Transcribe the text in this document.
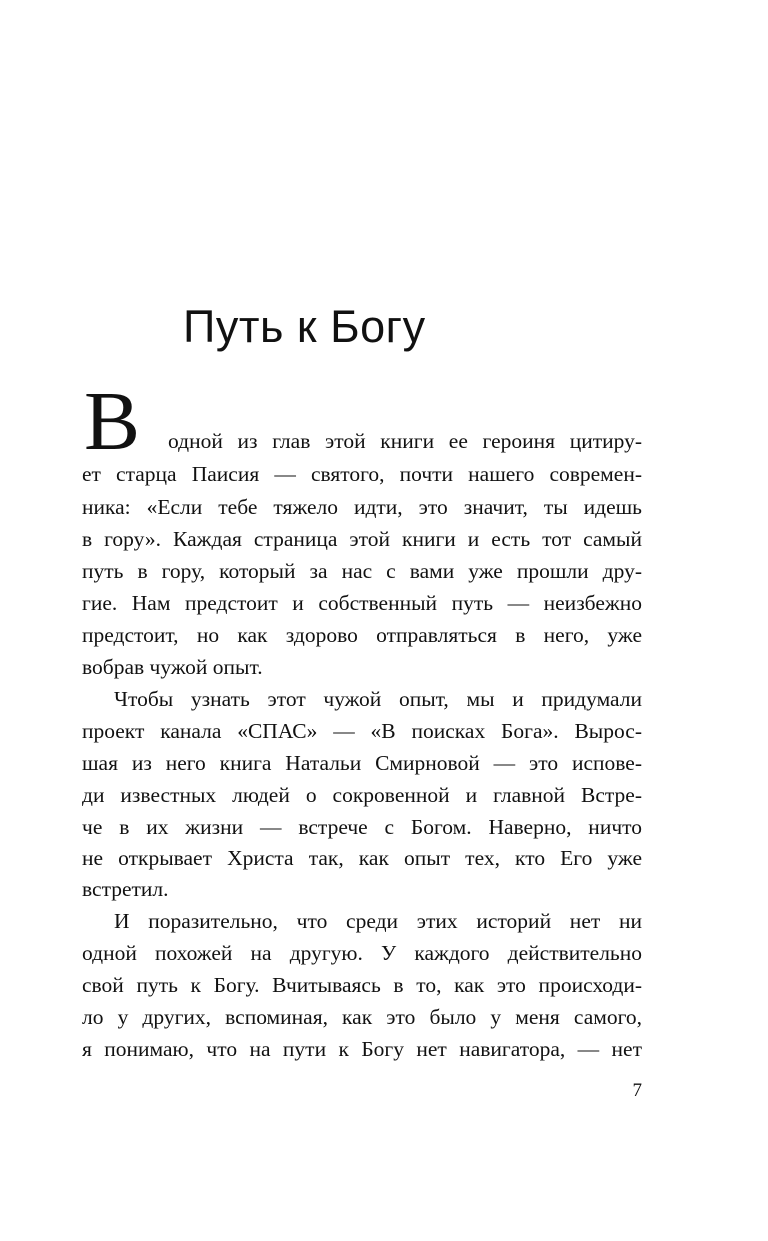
Путь к Богу
В одной из глав этой книги ее героиня цитиру-

ет старца Паисия — святого, почти нашего современ-

ника: «Если тебе тяжело идти, это значит, ты идешь

в гору». Каждая страница этой книги и есть тот самый

путь в гору, который за нас с вами уже прошли дру-

гие. Нам предстоит и собственный путь — неизбежно

предстоит, но как здорово отправляться в него, уже

вобрав чужой опыт.

Чтобы узнать этот чужой опыт, мы и придумали

проект канала «СПАС» — «В поисках Бога». Вырос-

шая из него книга Натальи Смирновой — это испове-

ди известных людей о сокровенной и главной Встре-

че в их жизни — встрече с Богом. Наверно, ничто

не открывает Христа так, как опыт тех, кто Его уже

встретил.

И поразительно, что среди этих историй нет ни

одной похожей на другую. У каждого действительно

свой путь к Богу. Вчитываясь в то, как это происходи-

ло у других, вспоминая, как это было у меня самого,

я понимаю, что на пути к Богу нет навигатора, — нет

7
